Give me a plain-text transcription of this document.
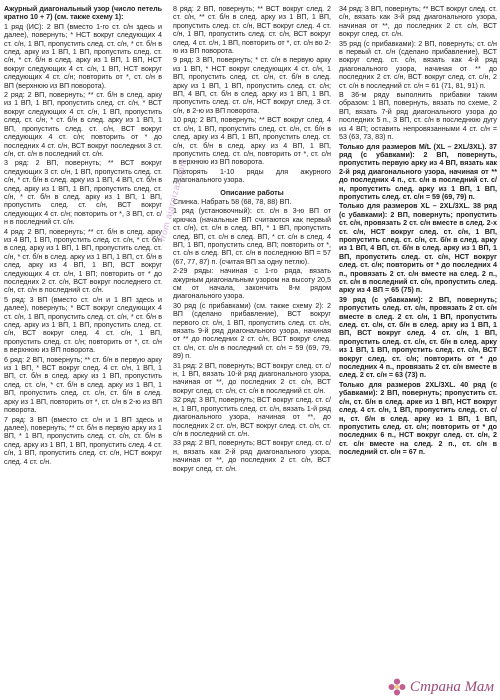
Ажурный диагональный узор (число петель кратно 10 + 7) (см. также схему 1):

1 ряд (ИС): 2 ВП (вместо 1-го ст. с/н здесь и далее), повернуть; * НСТ вокруг следующих 4 ст. с/н, 1 ВП, пропустить след. ст. с/н, * ст. б/н в след. арку из 1 ВП, 1 ВП, пропустить след. ст. с/н, * ст. б/н в след. арку из 1 ВП, 1 ВП, НСТ вокруг следующих 4 ст. с/н, 1 ВП, НСТ вокруг следующих 4 ст. с/н; повторить от *, ст. с/н в ВП (верхнюю из ВП поворота).

2 ряд: 2 ВП, повернуть; ** ст. б/н в след. арку из 1 ВП, 1 ВП, пропустить след. ст. с/н, * ВСТ вокруг следующих 4 ст. с/н, 1 ВП, пропустить след. ст. с/н, * ст. б/н в след. арку из 1 ВП, 1 ВП, пропустить след. ст. с/н, ВСТ вокруг следующих 4 ст. с/н; повторить от * до последних 4 ст. с/н, ВСТ вокруг последних 3 ст. с/н, ст. с/н в последний ст. с/н.

3 ряд: 2 ВП, повернуть; ** ВСТ вокруг следующих 3 ст. с/н, 1 ВП, пропустить след. ст. с/н, * ст. б/н в след. арку из 1 ВП, 4 ВП, ст. б/н в след. арку из 1 ВП, 1 ВП, пропустить след. ст. с/н, * ст. б/н в след. арку из 1 ВП, 1 ВП, пропустить след. ст. с/н, ВСТ вокруг следующих 4 ст. с/н; повторить от *, 3 ВП, ст. с/н в последний ст. с/н.

4 ряд: 2 ВП, повернуть; ** ст. б/н в след. арку из 4 ВП, 1 ВП, пропустить след. ст. с/н, * ст. б/н в след. арку из 1 ВП, 1 ВП, пропустить след. ст. с/н, * ст. б/н в след. арку из 1 ВП, 1 ВП, ст. б/н в след. арку из 4 ВП, 1 ВП, ВСТ вокруг следующих 4 ст. с/н, 1 ВП; повторить от * до последних 2 ст. с/н, ВСТ вокруг последнего ст. с/н, ст. с/н в последний ст. с/н.

5 ряд: 3 ВП (вместо ст. с/н и 1 ВП здесь и далее), повернуть; * ВСТ вокруг следующих 4 ст. с/н, 1 ВП, пропустить след. ст. с/н, * ст. б/н в след. арку из 1 ВП, 1 ВП, пропустить след. ст. с/н, ВСТ вокруг след. 4 ст. с/н, 1 ВП, пропустить след. ст. с/н; повторить от *, ст. с/н в верхнюю из ВП поворота.

6 ряд: 2 ВП, повернуть; ** ст. б/н в первую арку из 1 ВП, * ВСТ вокруг след. 4 ст. с/н, 1 ВП, 1 ВП, ст. б/н в след. арку из 1 ВП, пропустить след. ст. с/н, * ст. б/н в след. арку из 1 ВП, 1 ВП, пропустить след. ст. с/н, ст. б/н в след. арку из 1 ВП, повторить от *, ст. с/н в 2-ю из ВП поворота.

7 ряд: 3 ВП (вместо ст. с/н и 1 ВП здесь и далее), повернуть; ** ст. б/н в первую арку из 1 ВП, * 1 ВП, пропустить след. ст. с/н, ст. б/н в след. арку из 1 ВП, 1 ВП, пропустить след. 4 ст. с/н, 1 ВП, пропустить след. ст. с/н, НСТ вокруг след. 4 ст. с/н.

8 ряд: 2 ВП, повернуть; ** ВСТ вокруг след. 2 ст. с/н, ** ст. б/н в след. арку из 1 ВП, 1 ВП, пропустить след. ст. с/н, ВСТ вокруг след. 4 ст. с/н, 1 ВП, пропустить след. ст. с/н, ВСТ вокруг след. 4 ст. с/н, 1 ВП, повторить от *, ст. с/н во 2-ю из ВП поворота.

9 ряд: 3 ВП, повернуть; * ст. с/н в первую арку из 1 ВП, * НСТ вокруг следующих 4 ст. с/н, 1 ВП, пропустить след. ст. с/н, ст. б/н в след. арку из 1 ВП, 1 ВП, пропустить след. ст. с/н; ВП, 4 ВП, ст. б/н в след. арку из 1 ВП, 1 ВП, пропустить след. ст. с/н, НСТ вокруг след. 3 ст. с/н, в 2-ю из ВП поворота.

10 ряд: 2 ВП, повернуть; ** ВСТ вокруг след. 4 ст. с/н, 1 ВП, пропустить след. ст. с/н, ст. б/н в след. арку из 4 ВП, 1 ВП, пропустить след. ст. с/н, ст. б/н в след. арку из 4 ВП, 1 ВП, пропустить след. ст. с/н, повторить от *, ст. с/н в верхнюю из ВП поворота.

Повторять 1-10 ряды для ажурного диагонального узора.

Описание работы

Спинка. Набрать 58 (68, 78, 88) ВП.

1 ряд (установочный): ст. с/н в 3-ю ВП от крючка (начальные ВП считаются как первый ст. с/н), ст. с/н в след. ВП, * 1 ВП, пропустить след. ВП, ст. с/н в след. ВП, * ст. с/н в след. 4 ВП, 1 ВП, пропустить след. ВП; повторить от *, ст. с/н в след. ВП, ст. с/н в последнюю ВП = 57 (67, 77, 87) п. (считая ВП за одну петлю).

2-29 ряды: начиная с 1-го ряда, вязать ажурным диагональным узором на высоту 20,5 см от начала, закончить 8-м рядом диагонального узора.

30 ряд (с прибавками) (см. также схему 2): 2 ВП (сделано прибавление), ВСТ вокруг первого ст. с/н, 1 ВП, пропустить след. ст. с/н, вязать 9-й ряд диагонального узора, начиная от ** до последних 2 ст. с/н, ВСТ вокруг след. ст. с/н, ст. с/н в последний ст. с/н = 59 (69, 79, 89) п.

31 ряд: 2 ВП, повернуть; ВСТ вокруг след. ст. с/н, 1 ВП, вязать 10-й ряд диагонального узора, начиная от **, до последних 2 ст. с/н, ВСТ вокруг след. ст. с/н, ст. с/н в последний ст. с/н.

32 ряд: 3 ВП, повернуть; ВСТ вокруг след. ст. с/н, 1 ВП, пропустить след. ст. с/н, вязать 1-й ряд диагонального узора, начиная от **, до последних 2 ст. с/н, ВСТ вокруг след. ст. с/н, ст. с/н в последний ст. с/н.

33 ряд: 2 ВП, повернуть; ВСТ вокруг след. ст. с/н, вязать как 2-й ряд диагонального узора, начиная от **, до последних 2 ст. с/н, ВСТ вокруг след. ст. с/н.

34 ряд: 3 ВП, повернуть; ** ВСТ вокруг след. ст. с/н, вязать как 3-й ряд диагонального узора, начиная от **, до последних 2 ст. с/н, ВСТ вокруг след. ст. с/н.

35 ряд (с прибавками): 2 ВП, повернуть; ст. с/н в первый ст. с/н (сделано прибавление), ВСТ вокруг след. ст. с/н, вязать как 4-й ряд диагонального узора, начиная от ** до последних 2 ст. с/н, ВСТ вокруг след. ст. с/н, 2 ст. с/н в последний ст. с/н = 61 (71, 81, 91) п.

В 36-м ряду выполнить прибавки таким образом: 1 ВП, повернуть, вязать по схеме, 2 ВП, вязать 7-й ряд диагонального узора до последних 5 п., 3 ВП, ст. с/н в последнюю дугу из 4 ВП; оставить непровязанными 4 ст. с/н = 53 (63, 73, 83) п.

Только для размеров M/L (XL – 2XL/3XL). 37 ряд (с убавками): 2 ВП, повернуть, пропустить первую арку из 4 ВП, вязать как 2-й ряд диагонального узора, начиная от ** до последних 4 п., ст. с/н в последний ст. с/н, пропустить след. арку из 1 ВП, 1 ВП, пропустить след. ст. с/н = 59 (69, 79) п.

Только для размеров XL – 2XL/3XL. 38 ряд (с убавками): 2 ВП, повернуть; пропустить ст. с/н, провязать 2 ст. с/н вместе в след. 2-х ст. с/н, НСТ вокруг след. ст. с/н, 1 ВП, пропустить след. ст. с/н, ст. б/н в след. арку из 1 ВП, 4 ВП, ст. б/н в след. арку из 1 ВП, 1 ВП, пропустить след. ст. с/н, НСТ вокруг след. ст. с/н; повторить от * до последних 4 п., провязать 2 ст. с/н вместе на след. 2 п., ст. с/н в последний ст. с/н, пропустить след. арку из 4 ВП = 65 (75) п.

39 ряд (с убавками): 2 ВП, повернуть; пропустить след. ст. с/н, провязать 2 ст. с/н вместе в след. 2 ст. с/н, 1 ВП, пропустить след. ст. с/н, ст. б/н в след. арку из 1 ВП, 1 ВП, ВСТ вокруг след. 4 ст. с/н, 1 ВП, пропустить след. ст. с/н, ст. б/н в след. арку из 1 ВП, 1 ВП, пропустить след. ст. с/н, ВСТ вокруг след. ст. с/н; повторить от * до последних 4 п., провязать 2 ст. с/н вместе в след. 2 ст. с/н = 63 (73) п.

Только для размеров 2XL/3XL. 40 ряд (с убавками): 2 ВП, повернуть; пропустить ст. с/н, ст. б/н в след. арке из 1 ВП, НСТ вокруг след. 4 ст. с/н, 1 ВП, пропустить след. ст. с/н, ст. б/н в след. арку из 1 ВП, 1 ВП, пропустить след. ст. с/н; повторить от * до последних 6 п., НСТ вокруг след. ст. с/н, 2 ст. с/н вместе на след. 2 п., ст. с/н в последний ст. с/н = 67 п.

from ajaroizaz.com
Страна Мам
